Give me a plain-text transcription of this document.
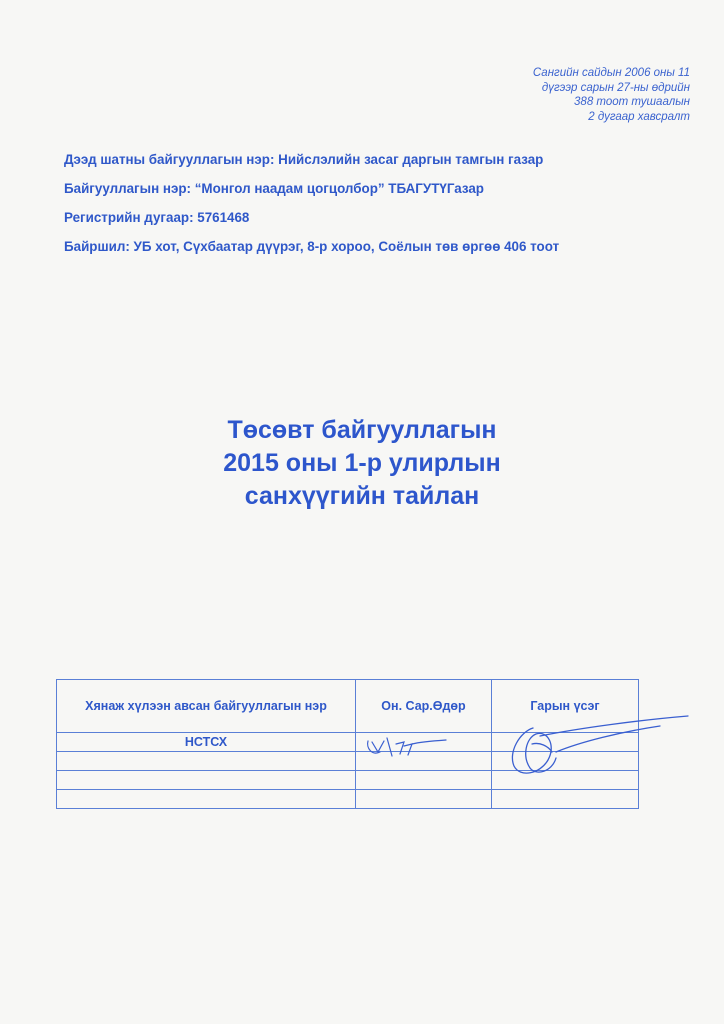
Сангийн сайдын 2006 оны 11
дүгээр сарын 27-ны өдрийн
388 тоот тушаалын
2 дугаар хавсралт
Дээд шатны байгууллагын нэр: Нийслэлийн засаг даргын тамгын газар
Байгууллагын нэр: “Монгол наадам цогцолбор” ТБАГУТҮГазар
Регистрийн дугаар: 5761468
Байршил: УБ хот, Сүхбаатар дүүрэг, 8-р хороо, Соёлын төв өргөө 406 тоот
Төсөвт байгууллагын
2015 оны 1-р улирлын
санхүүгийн тайлан
Хянаж хүлээн авсан байгууллагын нэр	Он. Сар.Өдөр	Гарын үсэг
НСТСХ		
